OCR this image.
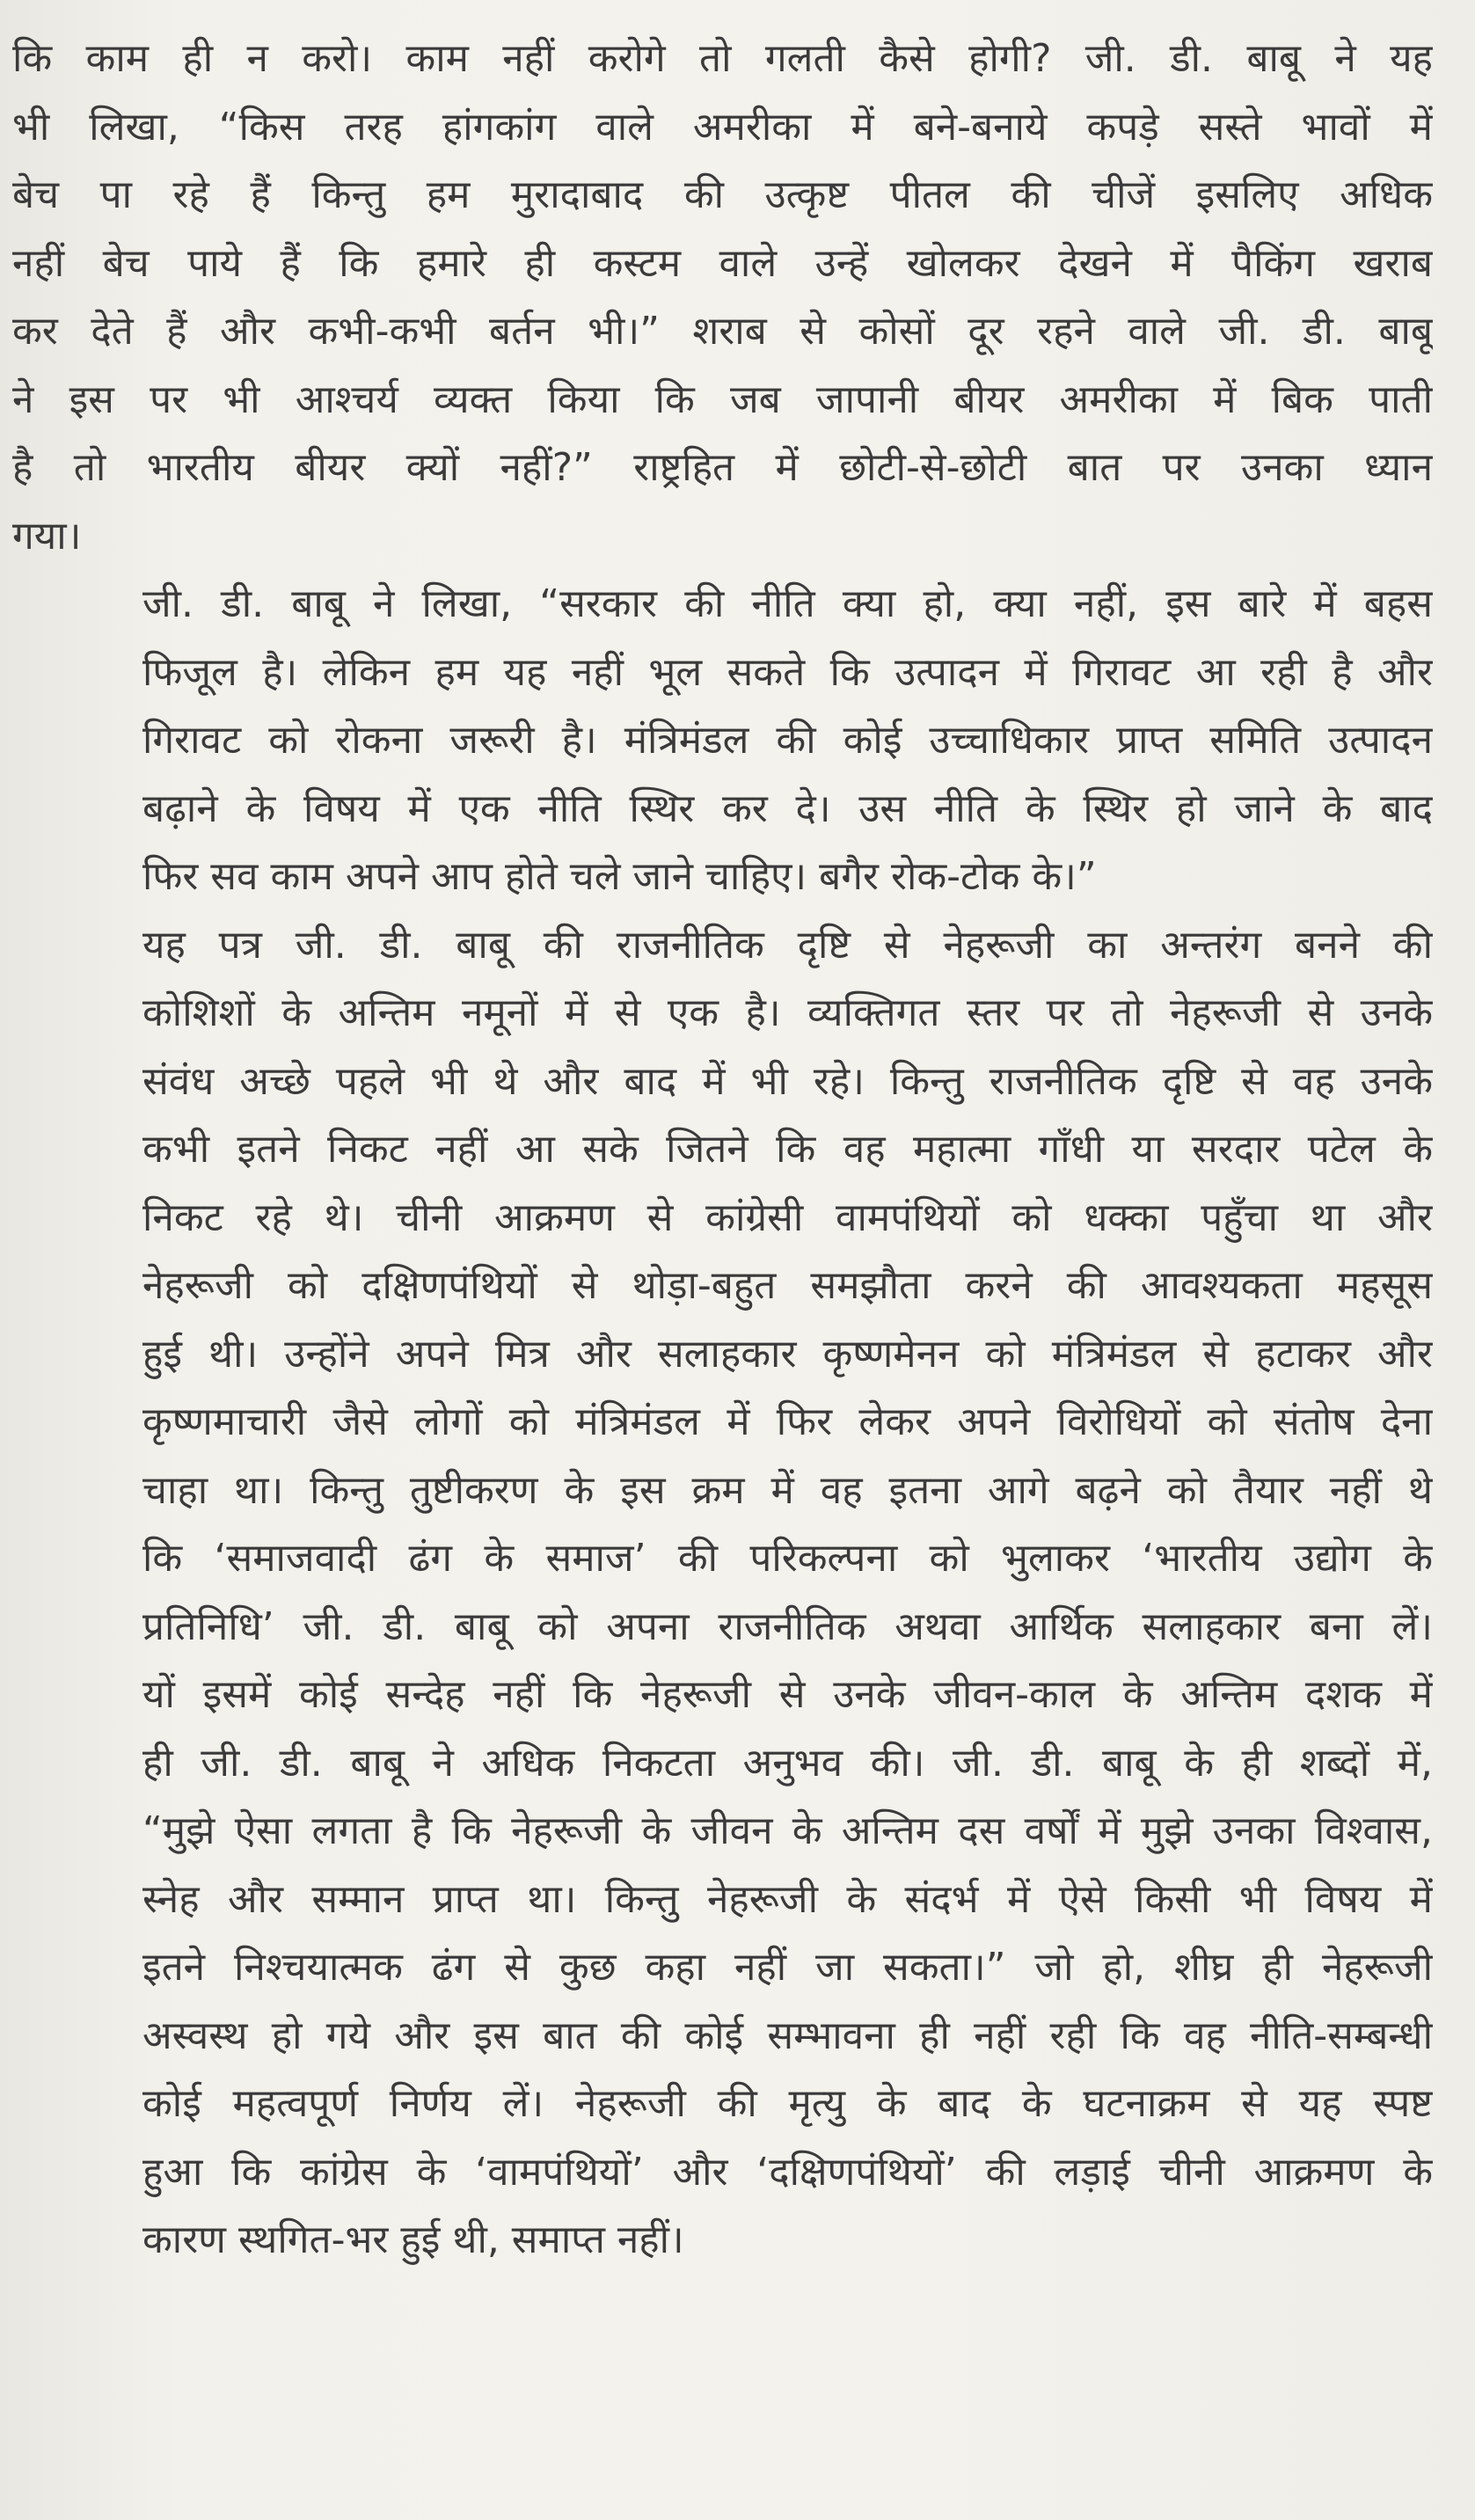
कि काम ही न करो। काम नहीं करोगे तो गलती कैसे होगी? जी. डी. बाबू ने यह
भी लिखा, “किस तरह हांगकांग वाले अमरीका में बने-बनाये कपड़े सस्ते भावों में
बेच पा रहे हैं किन्तु हम मुरादाबाद की उत्कृष्ट पीतल की चीजें इसलिए अधिक
नहीं बेच पाये हैं कि हमारे ही कस्टम वाले उन्हें खोलकर देखने में पैकिंग खराब
कर देते हैं और कभी-कभी बर्तन भी।” शराब से कोसों दूर रहने वाले जी. डी. बाबू
ने इस पर भी आश्चर्य व्यक्त किया कि जब जापानी बीयर अमरीका में बिक पाती
है तो भारतीय बीयर क्यों नहीं?” राष्ट्रहित में छोटी-से-छोटी बात पर उनका ध्यान
गया।

जी. डी. बाबू ने लिखा, “सरकार की नीति क्या हो, क्या नहीं, इस बारे में बहस
फिजूल है। लेकिन हम यह नहीं भूल सकते कि उत्पादन में गिरावट आ रही है और
गिरावट को रोकना जरूरी है। मंत्रिमंडल की कोई उच्चाधिकार प्राप्त समिति उत्पादन
बढ़ाने के विषय में एक नीति स्थिर कर दे। उस नीति के स्थिर हो जाने के बाद
फिर सव काम अपने आप होते चले जाने चाहिए। बगैर रोक-टोक के।”

यह पत्र जी. डी. बाबू की राजनीतिक दृष्टि से नेहरूजी का अन्तरंग बनने की
कोशिशों के अन्तिम नमूनों में से एक है। व्यक्तिगत स्तर पर तो नेहरूजी से उनके
संवंध अच्छे पहले भी थे और बाद में भी रहे। किन्तु राजनीतिक दृष्टि से वह उनके
कभी इतने निकट नहीं आ सके जितने कि वह महात्मा गाँधी या सरदार पटेल के
निकट रहे थे। चीनी आक्रमण से कांग्रेसी वामपंथियों को धक्का पहुँचा था और
नेहरूजी को दक्षिणपंथियों से थोड़ा-बहुत समझौता करने की आवश्यकता महसूस
हुई थी। उन्होंने अपने मित्र और सलाहकार कृष्णमेनन को मंत्रिमंडल से हटाकर और
कृष्णमाचारी जैसे लोगों को मंत्रिमंडल में फिर लेकर अपने विरोधियों को संतोष देना
चाहा था। किन्तु तुष्टीकरण के इस क्रम में वह इतना आगे बढ़ने को तैयार नहीं थे
कि ‘समाजवादी ढंग के समाज’ की परिकल्पना को भुलाकर ‘भारतीय उद्योग के
प्रतिनिधि’ जी. डी. बाबू को अपना राजनीतिक अथवा आर्थिक सलाहकार बना लें।
यों इसमें कोई सन्देह नहीं कि नेहरूजी से उनके जीवन-काल के अन्तिम दशक में
ही जी. डी. बाबू ने अधिक निकटता अनुभव की। जी. डी. बाबू के ही शब्दों में,
“मुझे ऐसा लगता है कि नेहरूजी के जीवन के अन्तिम दस वर्षों में मुझे उनका विश्वास,
स्नेह और सम्मान प्राप्त था। किन्तु नेहरूजी के संदर्भ में ऐसे किसी भी विषय में
इतने निश्चयात्मक ढंग से कुछ कहा नहीं जा सकता।” जो हो, शीघ्र ही नेहरूजी
अस्वस्थ हो गये और इस बात की कोई सम्भावना ही नहीं रही कि वह नीति-सम्बन्धी
कोई महत्वपूर्ण निर्णय लें। नेहरूजी की मृत्यु के बाद के घटनाक्रम से यह स्पष्ट
हुआ कि कांग्रेस के ‘वामपंथियों’ और ‘दक्षिणपंथियों’ की लड़ाई चीनी आक्रमण के
कारण स्थगित-भर हुई थी, समाप्त नहीं।
